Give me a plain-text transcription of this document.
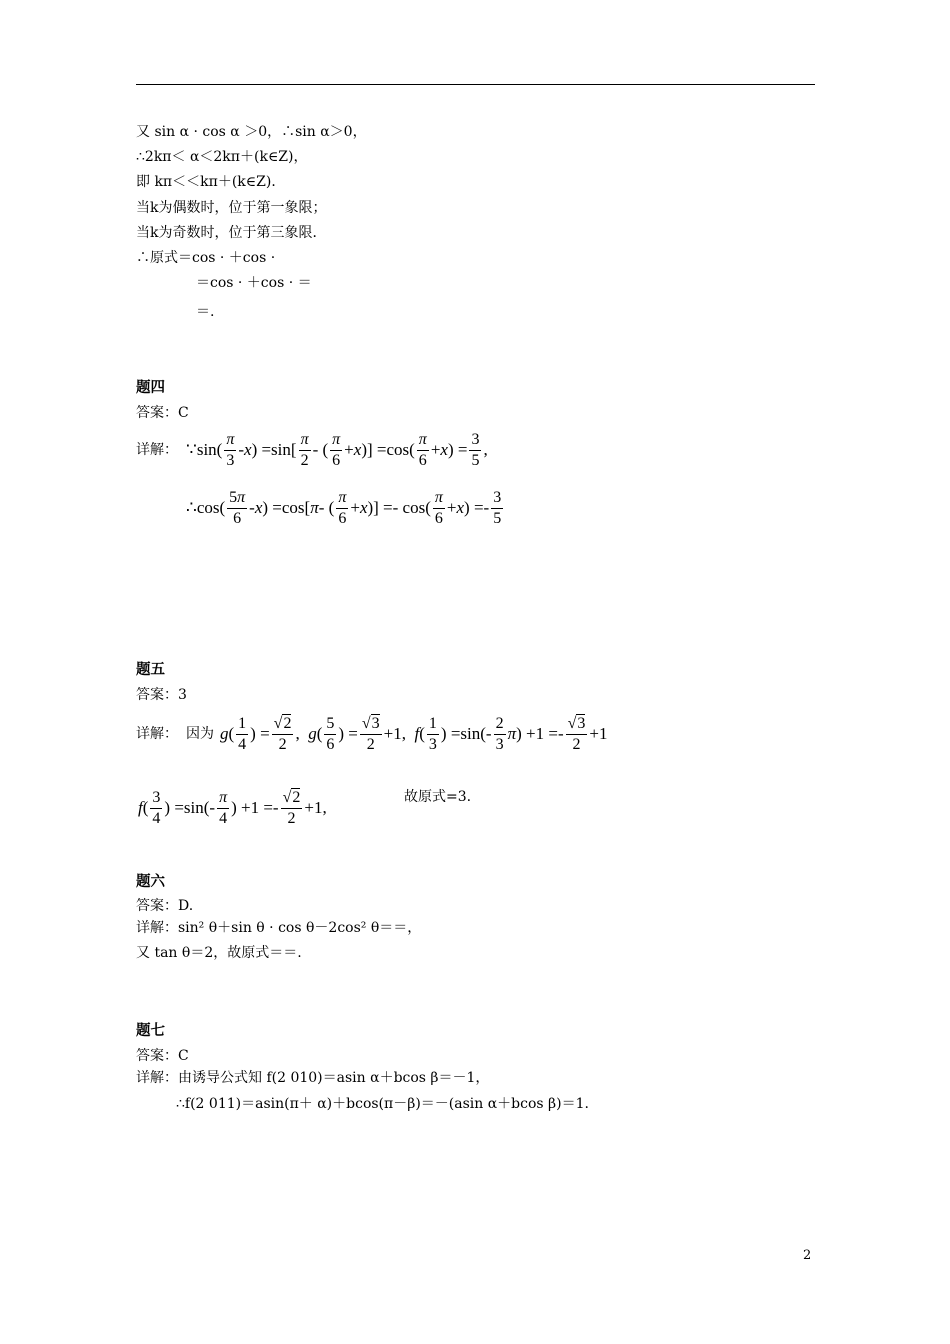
又 sin α · cos α ＞0，∴sin α＞0，
∴2kπ＜ α＜2kπ＋(k∈Z)，
即 kπ＜＜kπ＋(k∈Z)．
当k为偶数时，位于第一象限；
当k为奇数时，位于第三象限．
∴原式＝cos · ＋cos ·
＝cos · ＋cos · ＝
＝.
题四
答案：C
详解： ∵ $\sin( \frac{\pi}{3}$ - x ) $=\sin[ \frac{\pi}{2}$ - ( $\frac{\pi}{6} + x$ )] $=\cos( \frac{\pi}{6} + x$ ) = $\frac{3}{5}$ ,
∴ $\cos( \frac{5\pi}{6}$ - x ) =cos[ π - ( $\frac{\pi}{6} + x$ )] =- $\cos( \frac{\pi}{6} + x$ ) =- $\frac{3}{5}$
题五
答案：3
详解： 因为 g ( $\frac{1}{4}$ ) = $\frac{√2}{2}$ , g ( $\frac{5}{6}$ ) = $\frac{√3}{2} +1$, f ( $\frac{1}{3}$ ) $=\sin(- \frac{2}{3}$ π ) $+1 =- \frac{√3}{2} +1$
f ( $\frac{3}{4}$ ) $=\sin(- \frac{\pi}{4}$ ) $+1 =- \frac{√2}{2} +1$,
故原式=3.
题六
答案：D.
详解：sin² θ＋sin θ · cos θ－2cos² θ＝＝，
又 tan θ＝2，故原式＝＝.
题七
答案：C
详解：由诱导公式知 f(2 010)＝asin α＋bcos β＝－1，
∴f(2 011)＝asin(π＋ α)＋bcos(π－β)＝－(asin α＋bcos β)＝1.
2
